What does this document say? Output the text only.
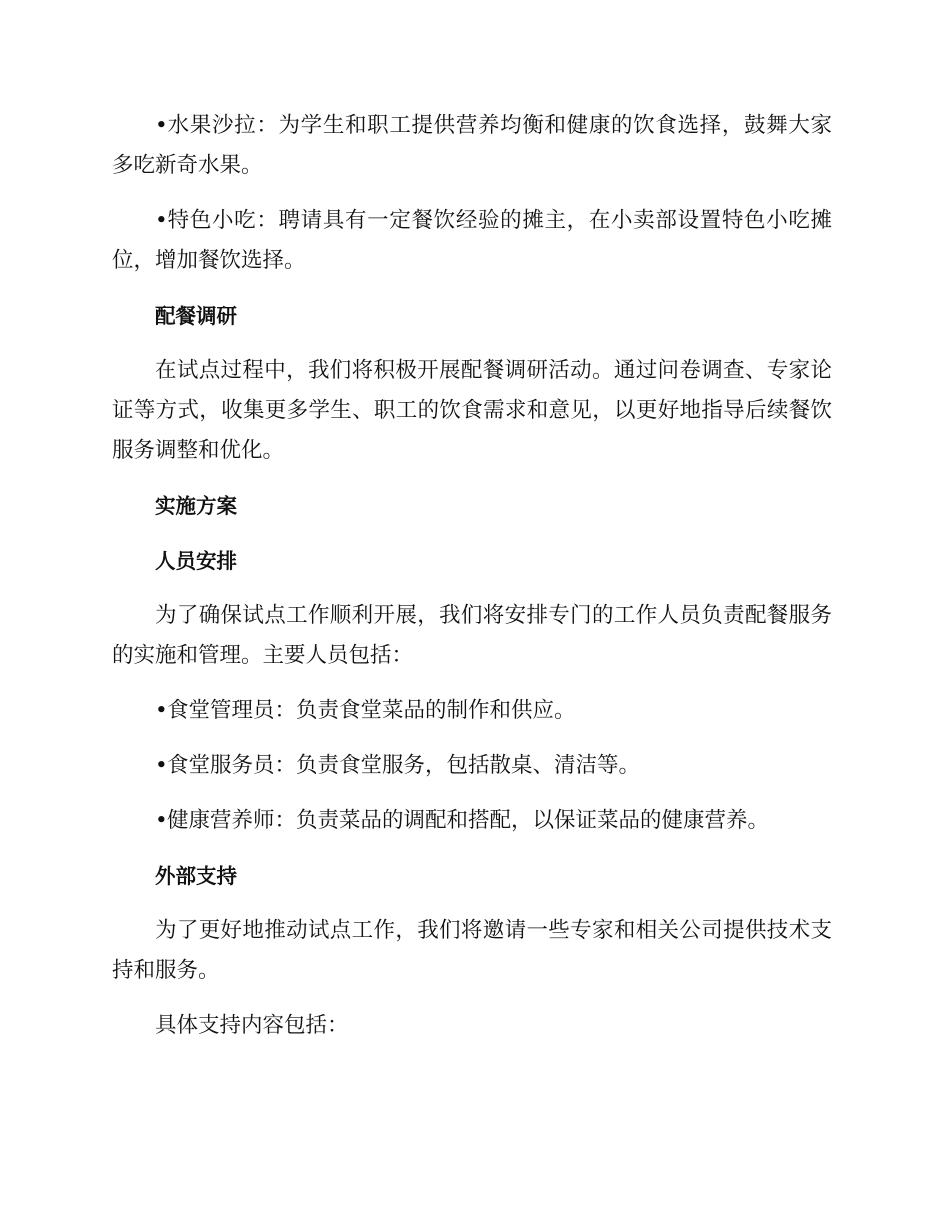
•水果沙拉：为学生和职工提供营养均衡和健康的饮食选择，鼓舞大家多吃新奇水果。

•特色小吃：聘请具有一定餐饮经验的摊主，在小卖部设置特色小吃摊位，增加餐饮选择。

配餐调研

在试点过程中，我们将积极开展配餐调研活动。通过问卷调查、专家论证等方式，收集更多学生、职工的饮食需求和意见，以更好地指导后续餐饮服务调整和优化。

实施方案

人员安排

为了确保试点工作顺利开展，我们将安排专门的工作人员负责配餐服务的实施和管理。主要人员包括：

•食堂管理员：负责食堂菜品的制作和供应。

•食堂服务员：负责食堂服务，包括散桌、清洁等。

•健康营养师：负责菜品的调配和搭配，以保证菜品的健康营养。

外部支持

为了更好地推动试点工作，我们将邀请一些专家和相关公司提供技术支持和服务。

具体支持内容包括：
